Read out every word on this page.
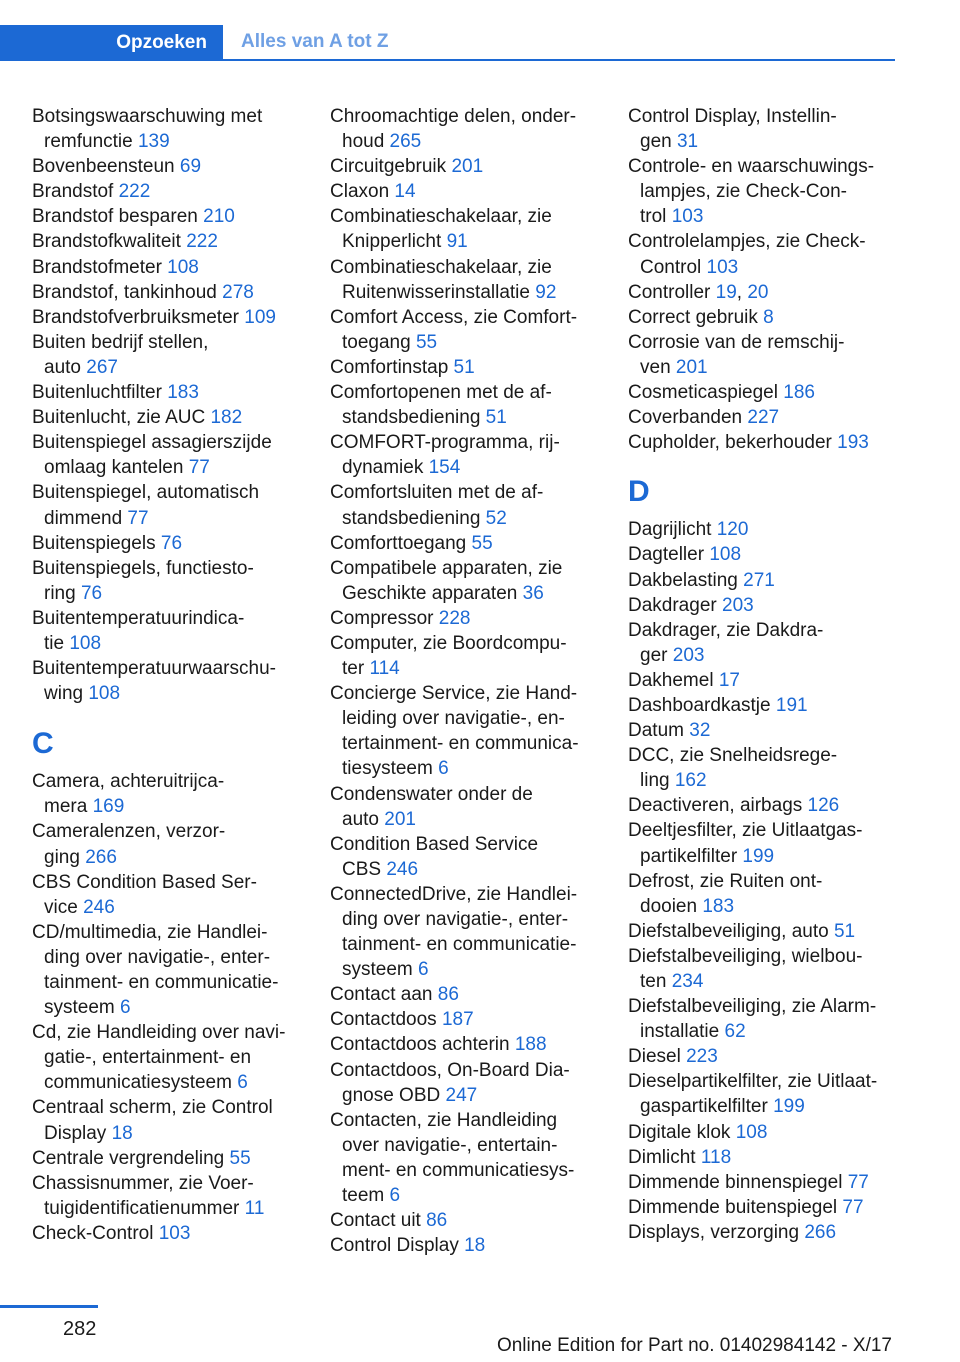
Opzoeken	Alles van A tot Z

Botsingswaarschuwing met
remfunctie 139

Bovenbeensteun 69

Brandstof 222

Brandstof besparen 210

Brandstofkwaliteit 222

Brandstofmeter 108

Brandstof, tankinhoud 278

Brandstofverbruiksmeter 109

Buiten bedrijf stellen,
auto 267

Buitenluchtfilter 183

Buitenlucht, zie AUC 182

Buitenspiegel assagierszijde
omlaag kantelen 77

Buitenspiegel, automatisch
dimmend 77

Buitenspiegels 76

Buitenspiegels, functiesto-
ring 76

Buitentemperatuurindica-
tie 108

Buitentemperatuurwaarschu-
wing 108

C

Camera, achteruitrijca-
mera 169

Cameralenzen, verzor-
ging 266

CBS Condition Based Ser-
vice 246

CD/multimedia, zie Handlei-
ding over navigatie-, enter-
tainment- en communicatie-
systeem 6

Cd, zie Handleiding over navi-
gatie-, entertainment- en
communicatiesysteem 6

Centraal scherm, zie Control
Display 18

Centrale vergrendeling 55

Chassisnummer, zie Voer-
tuigidentificatienummer 11

Check-Control 103

Chroomachtige delen, onder-
houd 265

Circuitgebruik 201

Claxon 14

Combinatieschakelaar, zie
Knipperlicht 91

Combinatieschakelaar, zie
Ruitenwisserinstallatie 92

Comfort Access, zie Comfort-
toegang 55

Comfortinstap 51

Comfortopenen met de af-
standsbediening 51

COMFORT-programma, rij-
dynamiek 154

Comfortsluiten met de af-
standsbediening 52

Comforttoegang 55

Compatibele apparaten, zie
Geschikte apparaten 36

Compressor 228

Computer, zie Boordcompu-
ter 114

Concierge Service, zie Hand-
leiding over navigatie-, en-
tertainment- en communica-
tiesysteem 6

Condenswater onder de
auto 201

Condition Based Service
CBS 246

ConnectedDrive, zie Handlei-
ding over navigatie-, enter-
tainment- en communicatie-
systeem 6

Contact aan 86

Contactdoos 187

Contactdoos achterin 188

Contactdoos, On-Board Dia-
gnose OBD 247

Contacten, zie Handleiding
over navigatie-, entertain-
ment- en communicatiesys-
teem 6

Contact uit 86

Control Display 18

Control Display, Instellin-
gen 31

Controle- en waarschuwings-
lampjes, zie Check-Con-
trol 103

Controlelampjes, zie Check-
Control 103

Controller 19, 20

Correct gebruik 8

Corrosie van de remschij-
ven 201

Cosmeticaspiegel 186

Coverbanden 227

Cupholder, bekerhouder 193

D

Dagrijlicht 120

Dagteller 108

Dakbelasting 271

Dakdrager 203

Dakdrager, zie Dakdra-
ger 203

Dakhemel 17

Dashboardkastje 191

Datum 32

DCC, zie Snelheidsrege-
ling 162

Deactiveren, airbags 126

Deeltjesfilter, zie Uitlaatgas-
partikelfilter 199

Defrost, zie Ruiten ont-
dooien 183

Diefstalbeveiliging, auto 51

Diefstalbeveiliging, wielbou-
ten 234

Diefstalbeveiliging, zie Alarm-
installatie 62

Diesel 223

Dieselpartikelfilter, zie Uitlaat-
gaspartikelfilter 199

Digitale klok 108

Dimlicht 118

Dimmende binnenspiegel 77

Dimmende buitenspiegel 77

Displays, verzorging 266

282
Online Edition for Part no. 01402984142 - X/17
